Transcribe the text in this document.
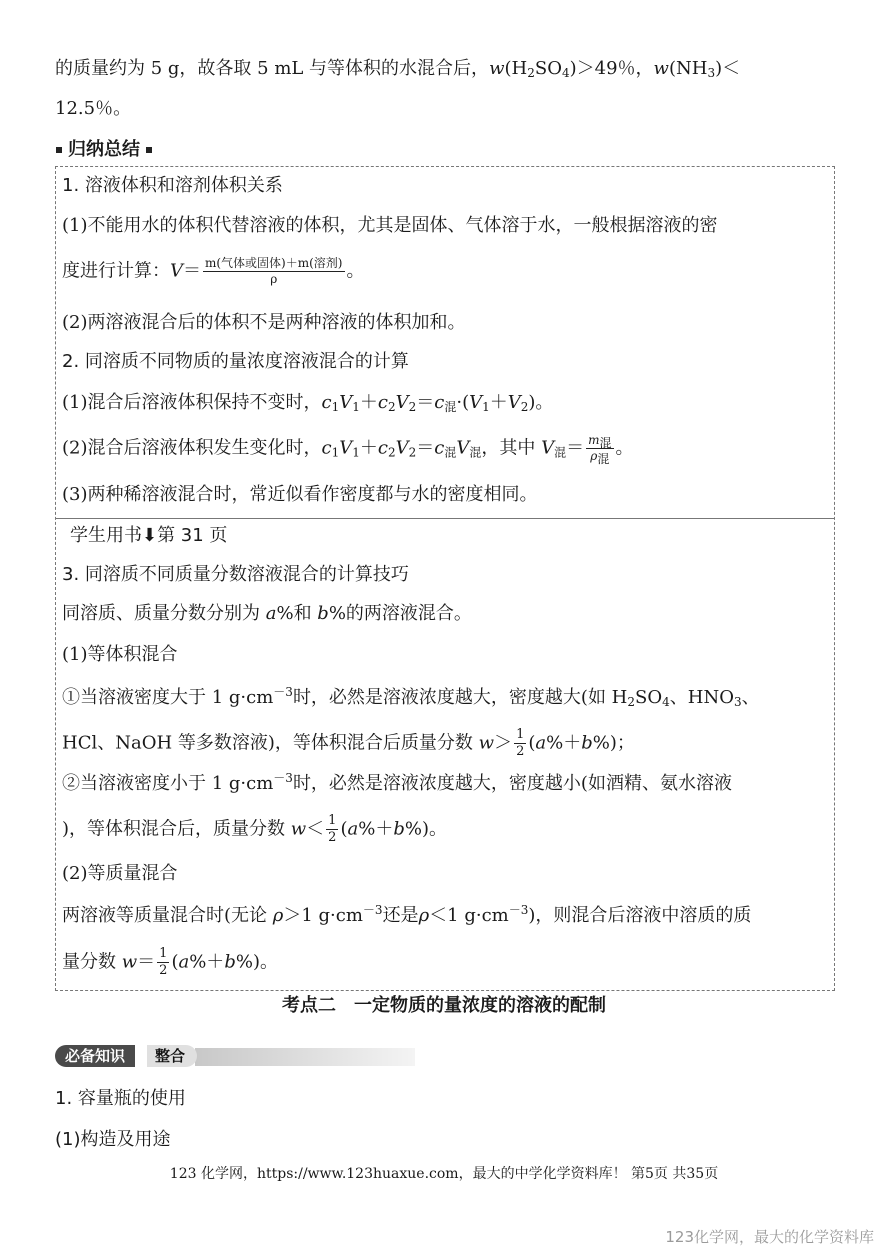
的质量约为 5 g，故各取 5 mL 与等体积的水混合后，$w(H_2SO_4)>49$％，$w(NH_3)<$
12.5％。
归纳总结
1. 溶液体积和溶剂体积关系
(1)不能用水的体积代替溶液的体积，尤其是固体、气体溶于水，一般根据溶液的密
度进行计算：$V= \frac{\text{m(气体或固体)＋m(溶剂)}}{\rho}$ 。
(2)两溶液混合后的体积不是两种溶液的体积加和。
2. 同溶质不同物质的量浓度溶液混合的计算
(1)混合后溶液体积保持不变时，$c_1V_1+c_2V_2=c_混\cdot(V_1+V_2)$。
(2)混合后溶液体积发生变化时，$c_1V_1+c_2V_2=c_混V_混$，其中 $V_混= \frac{m_混}{\rho_混}$ 。
(3)两种稀溶液混合时，常近似看作密度都与水的密度相同。
学生用书⬇第 31 页
3. 同溶质不同质量分数溶液混合的计算技巧
同溶质、质量分数分别为 a%和 b%的两溶液混合。
(1)等体积混合
①当溶液密度大于 1 $g\cdot cm^{-3}$时，必然是溶液浓度越大，密度越大(如 $H_2SO_4$、$HNO_3$、
HCl、NaOH 等多数溶液)，等体积混合后质量分数 $w> \frac{1}{2} (a\%+b\%)$；
②当溶液密度小于 1 $g\cdot cm^{-3}$时，必然是溶液浓度越大，密度越小(如酒精、氨水溶液
)，等体积混合后，质量分数 $w< \frac{1}{2} (a\%+b\%)$。
(2)等质量混合
两溶液等质量混合时(无论 ρ＞1 $g\cdot cm^{-3}$还是ρ＜1 $g\cdot cm^{-3}$)，则混合后溶液中溶质的质
量分数 $w= \frac{1}{2} (a\%+b\%)$。
考点二　一定物质的量浓度的溶液的配制
必备知识	整合
1. 容量瓶的使用
(1)构造及用途
123 化学网，https://www.123huaxue.com，最大的中学化学资料库！ 第5页 共35页
123化学网，最大的化学资料库
